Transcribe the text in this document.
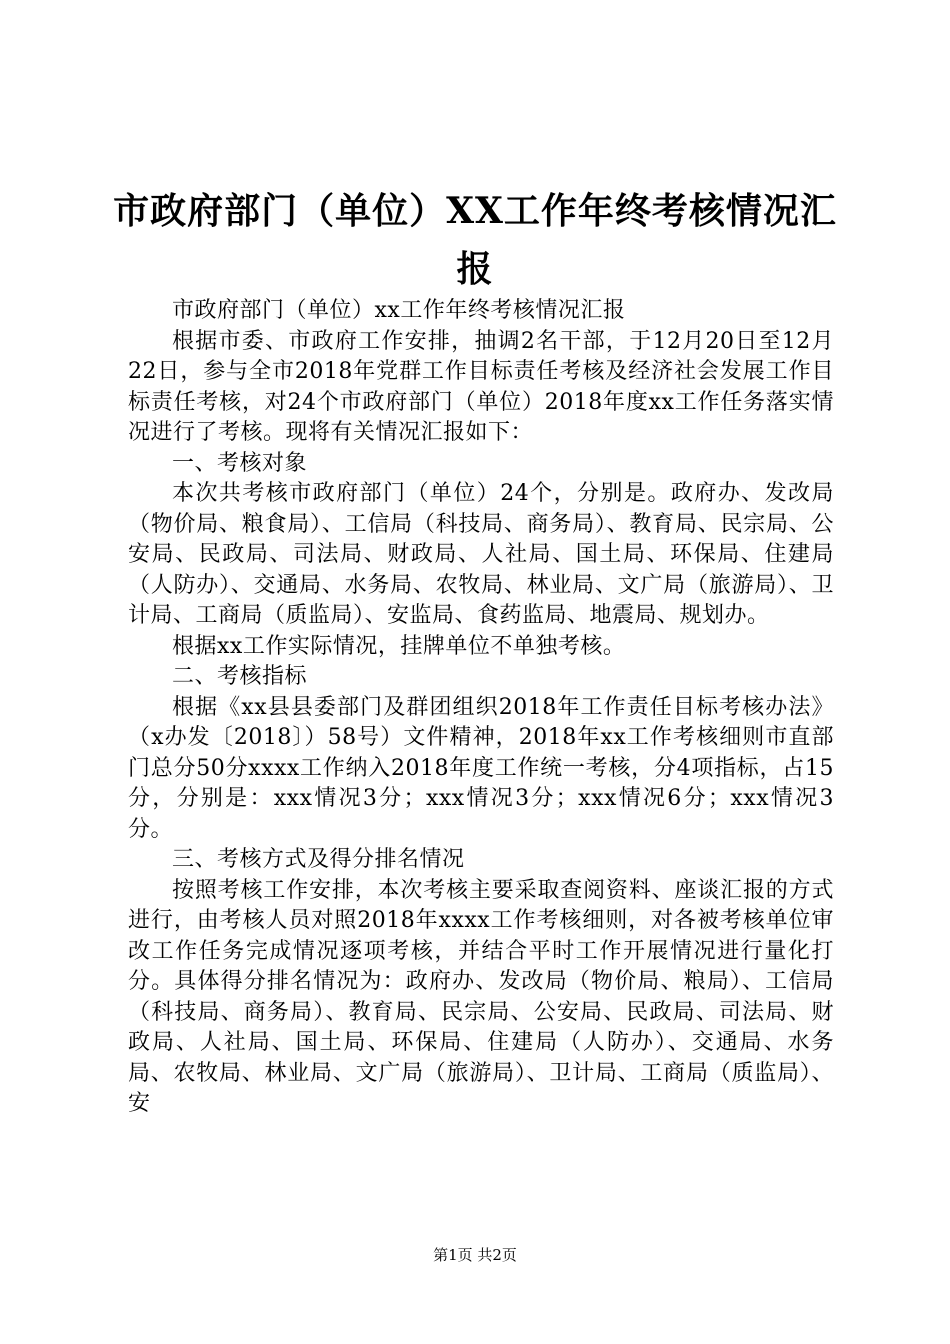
市政府部门（单位）XX工作年终考核情况汇报

市政府部门（单位）xx工作年终考核情况汇报

根据市委、市政府工作安排，抽调2名干部，于12月20日至12月22日，参与全市2018年党群工作目标责任考核及经济社会发展工作目标责任考核，对24个市政府部门（单位）2018年度xx工作任务落实情况进行了考核。现将有关情况汇报如下：

一、考核对象

本次共考核市政府部门（单位）24个，分别是。政府办、发改局（物价局、粮食局）、工信局（科技局、商务局）、教育局、民宗局、公安局、民政局、司法局、财政局、人社局、国土局、环保局、住建局（人防办）、交通局、水务局、农牧局、林业局、文广局（旅游局）、卫计局、工商局（质监局）、安监局、食药监局、地震局、规划办。

根据xx工作实际情况，挂牌单位不单独考核。

二、考核指标

根据《xx县县委部门及群团组织2018年工作责任目标考核办法》（x办发〔2018〕）58号）文件精神，2018年xx工作考核细则市直部门总分50分xxxx工作纳入2018年度工作统一考核，分4项指标，占15分，分别是：xxx情况3分；xxx情况3分；xxx情况6分；xxx情况3分。

三、考核方式及得分排名情况

按照考核工作安排，本次考核主要采取查阅资料、座谈汇报的方式进行，由考核人员对照2018年xxxx工作考核细则，对各被考核单位审改工作任务完成情况逐项考核，并结合平时工作开展情况进行量化打分。具体得分排名情况为：政府办、发改局（物价局、粮局）、工信局（科技局、商务局）、教育局、民宗局、公安局、民政局、司法局、财政局、人社局、国土局、环保局、住建局（人防办）、交通局、水务局、农牧局、林业局、文广局（旅游局）、卫计局、工商局（质监局）、安

第1页 共2页
